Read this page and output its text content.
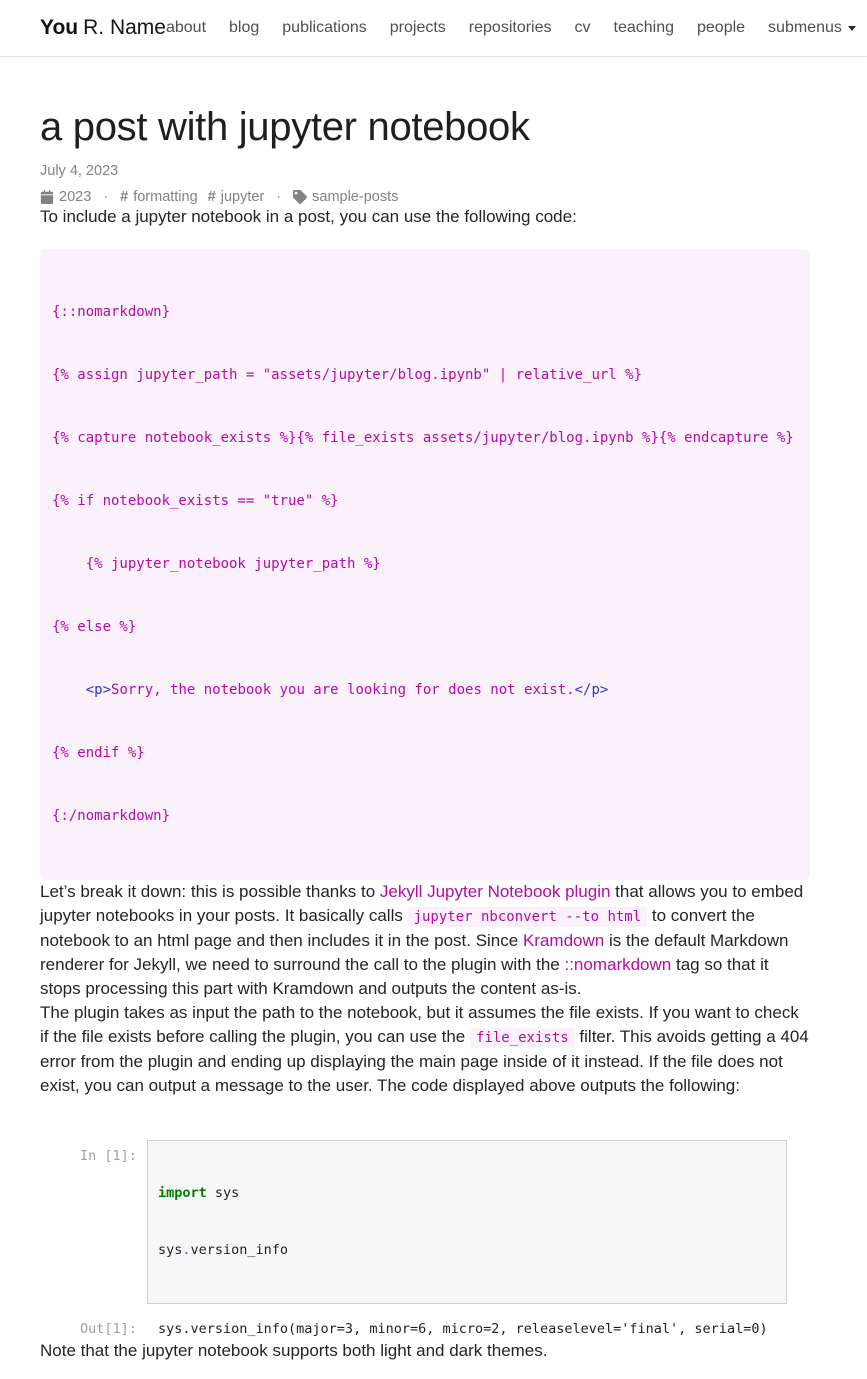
You R. Name about blog publications projects repositories cv teaching people submenus
a post with jupyter notebook
July 4, 2023
2023 · # formatting # jupyter · sample-posts

To include a jupyter notebook in a post, you can use the following code:

{::nomarkdown}

{% assign jupyter_path = "assets/jupyter/blog.ipynb" | relative_url %}

{% capture notebook_exists %}{% file_exists assets/jupyter/blog.ipynb %}{% endcapture %}

{% if notebook_exists == "true" %}

{% jupyter_notebook jupyter_path %}

{% else %}

<p>Sorry, the notebook you are looking for does not exist.</p>

{% endif %}

{:/nomarkdown}

Let’s break it down: this is possible thanks to Jekyll Jupyter Notebook plugin that allows you to embed jupyter notebooks in your posts. It basically calls jupyter nbconvert --to html to convert the notebook to an html page and then includes it in the post. Since Kramdown is the default Markdown renderer for Jekyll, we need to surround the call to the plugin with the ::nomarkdown tag so that it stops processing this part with Kramdown and outputs the content as-is.

The plugin takes as input the path to the notebook, but it assumes the file exists. If you want to check if the file exists before calling the plugin, you can use the file_exists filter. This avoids getting a 404 error from the plugin and ending up displaying the main page inside of it instead. If the file does not exist, you can output a message to the user. The code displayed above outputs the following:

In [1]:

import sys

sys.version_info

Out[1]:	sys.version_info(major=3, minor=6, micro=2, releaselevel='final', serial=0)

Note that the jupyter notebook supports both light and dark themes.
